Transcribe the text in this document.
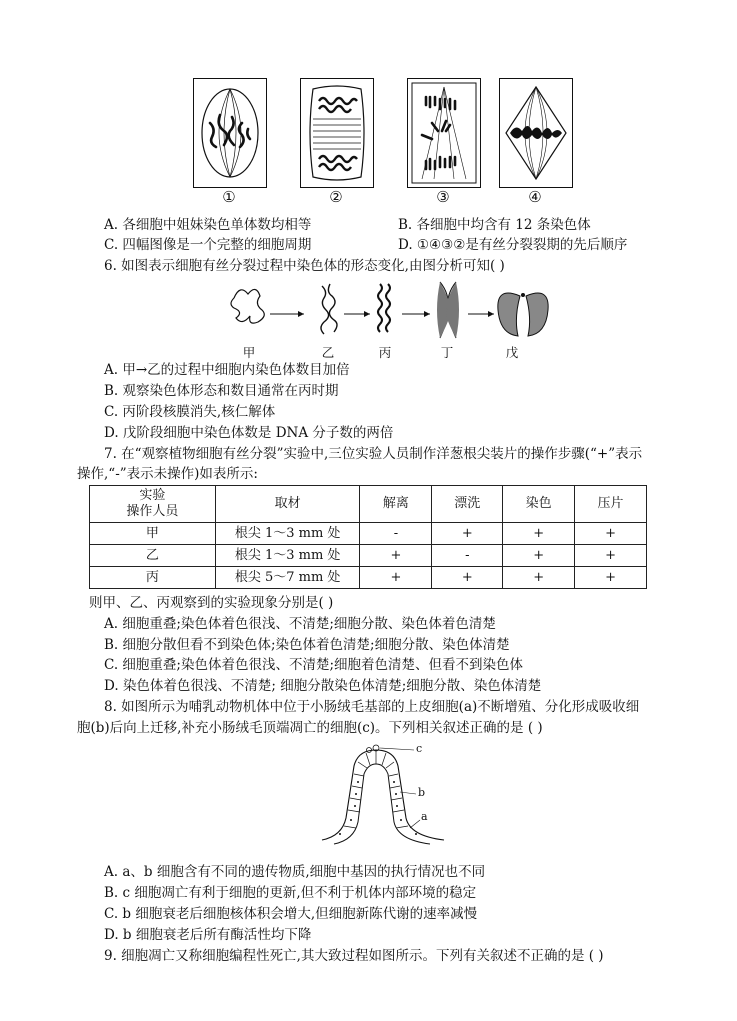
①	②	③	④
A. 各细胞中姐妹染色单体数均相等	B. 各细胞中均含有 12 条染色体
C. 四幅图像是一个完整的细胞周期	D. ①④③②是有丝分裂裂期的先后顺序
6. 如图表示细胞有丝分裂过程中染色体的形态变化,由图分析可知( )
甲	乙	丙	丁	戊
A. 甲→乙的过程中细胞内染色体数目加倍
B. 观察染色体形态和数目通常在丙时期
C. 丙阶段核膜消失,核仁解体
D. 戊阶段细胞中染色体数是 DNA 分子数的两倍
7. 在“观察植物细胞有丝分裂”实验中,三位实验人员制作洋葱根尖装片的操作步骤(“+”表示
操作,“-”表示未操作)如表所示:
实验
操作人员	取材	解离	漂洗	染色	压片
甲	根尖 1～3 mm 处	-	+	+	+
乙	根尖 1～3 mm 处	+	-	+	+
丙	根尖 5～7 mm 处	+	+	+	+
则甲、乙、丙观察到的实验现象分别是( )
A. 细胞重叠;染色体着色很浅、不清楚;细胞分散、染色体着色清楚
B. 细胞分散但看不到染色体;染色体着色清楚;细胞分散、染色体清楚
C. 细胞重叠;染色体着色很浅、不清楚;细胞着色清楚、但看不到染色体
D. 染色体着色很浅、不清楚; 细胞分散染色体清楚;细胞分散、染色体清楚
8. 如图所示为哺乳动物机体中位于小肠绒毛基部的上皮细胞(a)不断增殖、分化形成吸收细
胞(b)后向上迁移,补充小肠绒毛顶端凋亡的细胞(c)。下列相关叙述正确的是 ( )
c
b
a
A. a、b 细胞含有不同的遗传物质,细胞中基因的执行情况也不同
B. c 细胞凋亡有利于细胞的更新,但不利于机体内部环境的稳定
C. b 细胞衰老后细胞核体积会增大,但细胞新陈代谢的速率减慢
D. b 细胞衰老后所有酶活性均下降
9. 细胞凋亡又称细胞编程性死亡,其大致过程如图所示。下列有关叙述不正确的是 ( )
